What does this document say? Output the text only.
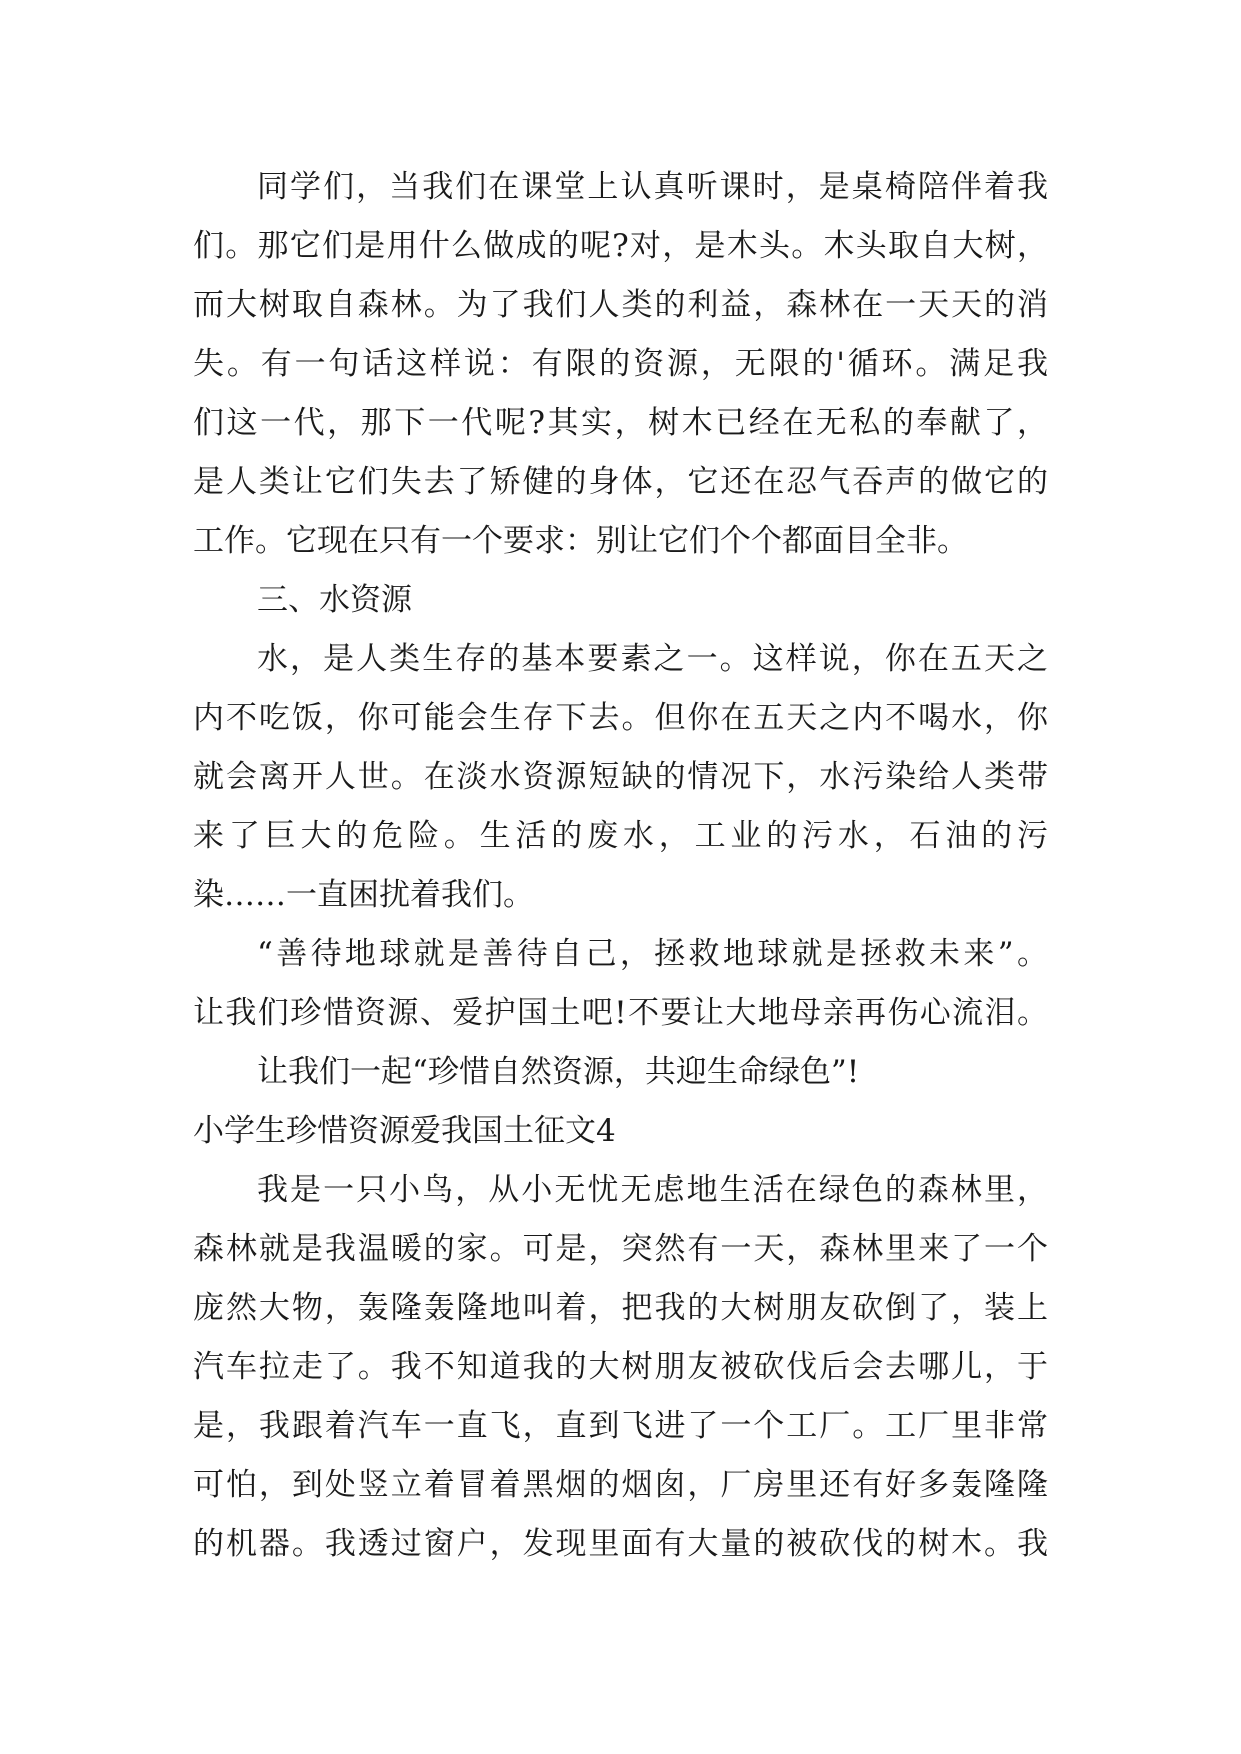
同学们，当我们在课堂上认真听课时，是桌椅陪伴着我
们。那它们是用什么做成的呢?对，是木头。木头取自大树，
而大树取自森林。为了我们人类的利益，森林在一天天的消
失。有一句话这样说：有限的资源，无限的'循环。满足我
们这一代，那下一代呢?其实，树木已经在无私的奉献了，
是人类让它们失去了矫健的身体，它还在忍气吞声的做它的
工作。它现在只有一个要求：别让它们个个都面目全非。
三、水资源
水，是人类生存的基本要素之一。这样说，你在五天之
内不吃饭，你可能会生存下去。但你在五天之内不喝水，你
就会离开人世。在淡水资源短缺的情况下，水污染给人类带
来了巨大的危险。生活的废水，工业的污水，石油的污
染……一直困扰着我们。
“善待地球就是善待自己，拯救地球就是拯救未来”。
让我们珍惜资源、爱护国土吧!不要让大地母亲再伤心流泪。
让我们一起“珍惜自然资源，共迎生命绿色”!
小学生珍惜资源爱我国土征文4
我是一只小鸟，从小无忧无虑地生活在绿色的森林里，
森林就是我温暖的家。可是，突然有一天，森林里来了一个
庞然大物，轰隆轰隆地叫着，把我的大树朋友砍倒了，装上
汽车拉走了。我不知道我的大树朋友被砍伐后会去哪儿，于
是，我跟着汽车一直飞，直到飞进了一个工厂。工厂里非常
可怕，到处竖立着冒着黑烟的烟囱，厂房里还有好多轰隆隆
的机器。我透过窗户，发现里面有大量的被砍伐的树木。我
